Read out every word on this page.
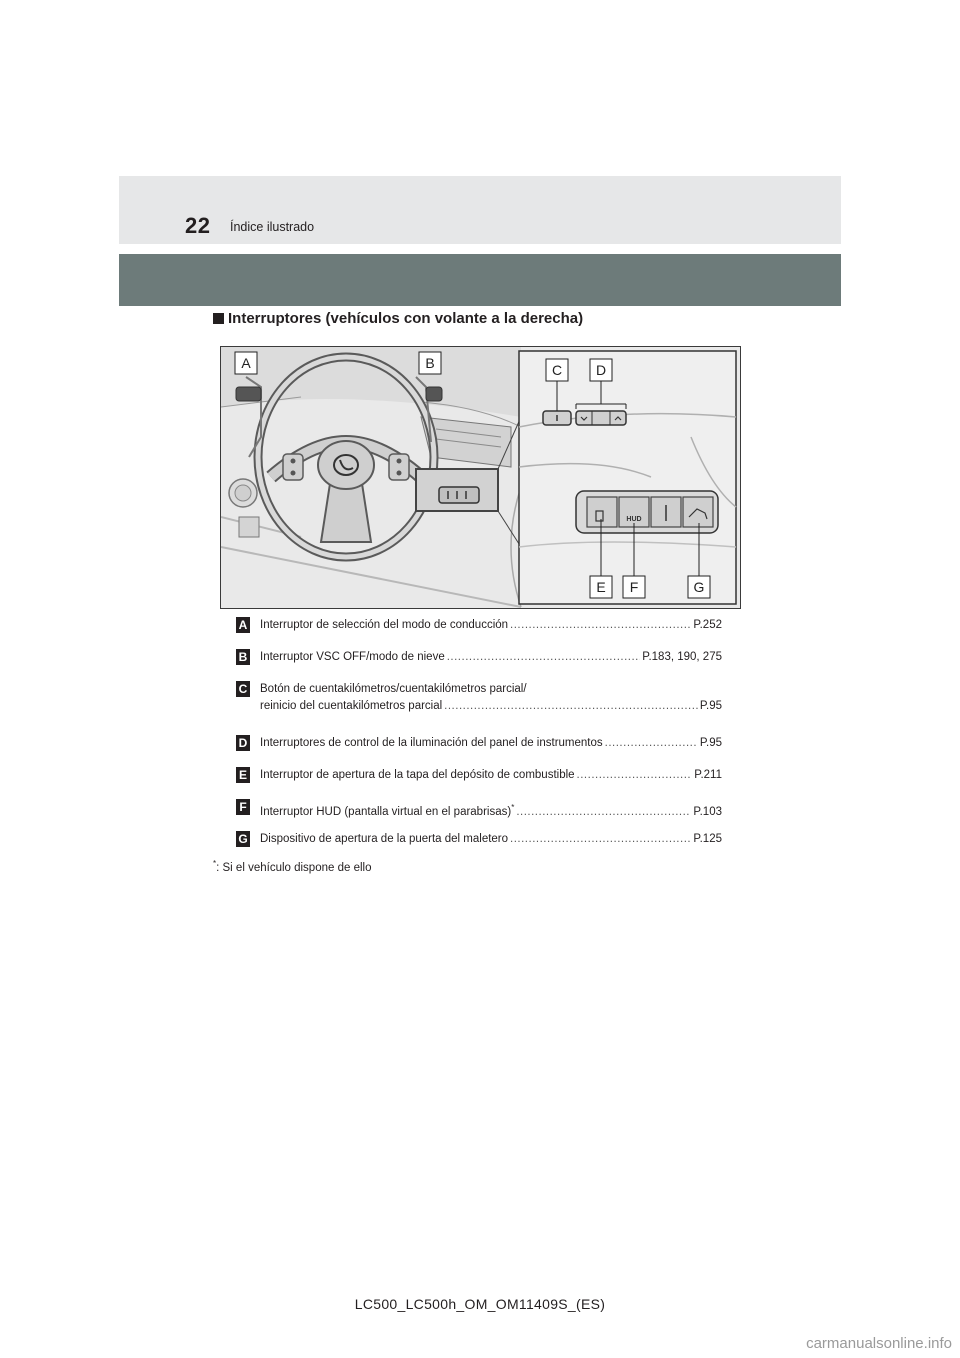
22 Índice ilustrado
Interruptores (vehículos con volante a la derecha)
HUD
A	B	C D
E F	G
A Interruptor de selección del modo de conducción .....	P.252
B Interruptor VSC OFF/modo de nieve .....	P.183, 190, 275
C Botón de cuentakilómetros/cuentakilómetros parcial/
reinicio del cuentakilómetros parcial .....	P.95
D Interruptores de control de la iluminación del panel de instrumentos .....	P.95
E Interruptor de apertura de la tapa del depósito de combustible .....	P.211
F Interruptor HUD (pantalla virtual en el parabrisas)* .....	P.103
G Dispositivo de apertura de la puerta del maletero .....	P.125
*: Si el vehículo dispone de ello
LC500_LC500h_OM_OM11409S_(ES)
carmanualsonline.info
